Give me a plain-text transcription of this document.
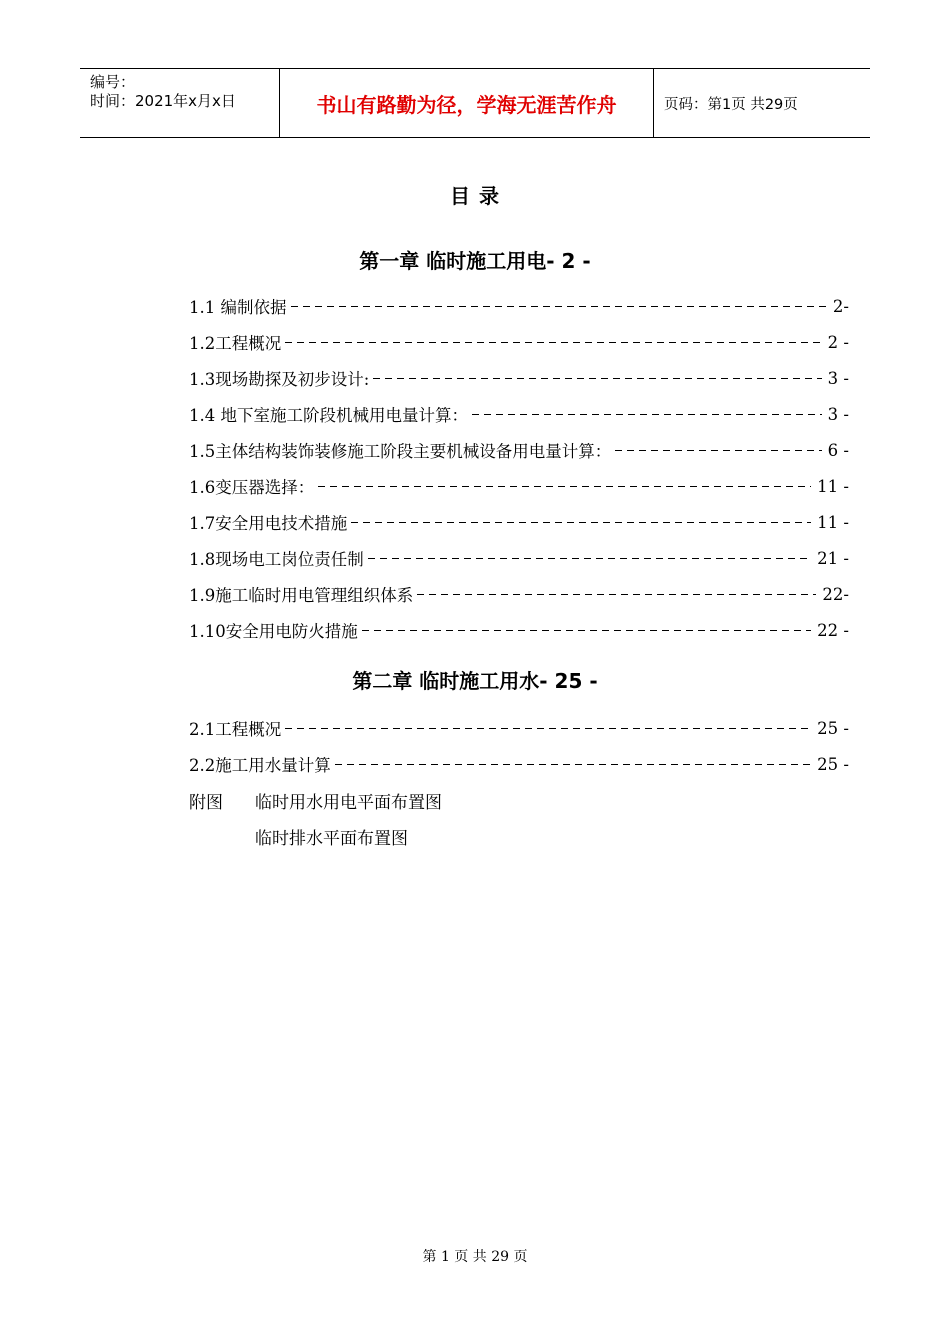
编号：
时间：2021年x月x日	书山有路勤为径，学海无涯苦作舟	页码：第1页 共29页
目 录
第一章 临时施工用电- 2 -
1.1 编制依据	2-
1.2工程概况	2 -
1.3现场勘探及初步设计:	3 -
1.4 地下室施工阶段机械用电量计算：	3 -
1.5主体结构装饰装修施工阶段主要机械设备用电量计算：	6 -
1.6变压器选择：	11 -
1.7安全用电技术措施	11 -
1.8现场电工岗位责任制	21 -
1.9施工临时用电管理组织体系	22-
1.10安全用电防火措施	22 -
第二章 临时施工用水- 25 -
2.1工程概况	25 -
2.2施工用水量计算	25 -
附图 临时用水用电平面布置图
临时排水平面布置图
第 1 页 共 29 页
